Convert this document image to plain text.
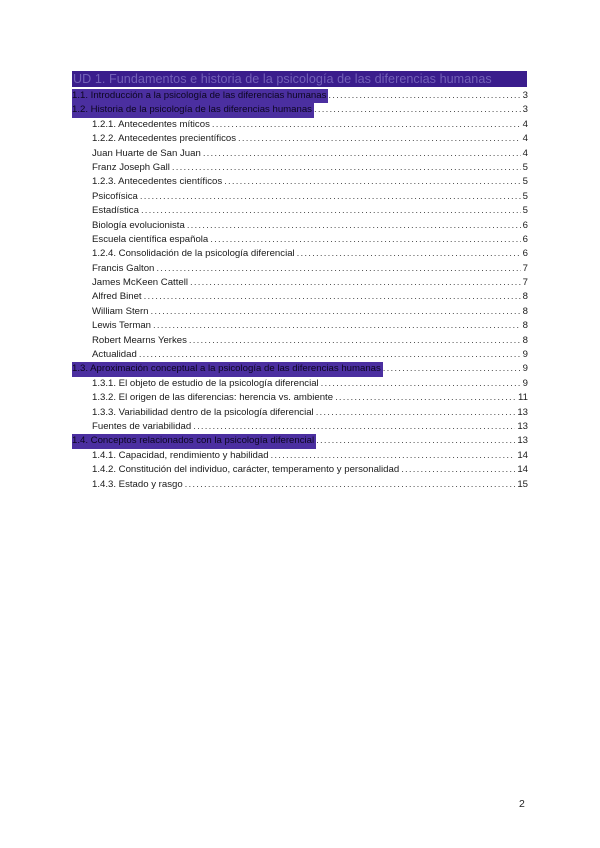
UD 1. Fundamentos e historia de la psicología de las diferencias humanas
1.1. Introducción a la psicología de las diferencias humanas .....	3
1.2. Historia de la psicología de las diferencias humanas .....	3
1.2.1. Antecedentes míticos .....	4
1.2.2. Antecedentes precientíficos .....	4
Juan Huarte de San Juan .....	4
Franz Joseph Gall .....	5
1.2.3. Antecedentes científicos .....	5
Psicofísica .....	5
Estadística .....	5
Biología evolucionista .....	6
Escuela científica española .....	6
1.2.4. Consolidación de la psicología diferencial .....	6
Francis Galton .....	7
James McKeen Cattell .....	7
Alfred Binet .....	8
William Stern .....	8
Lewis Terman .....	8
Robert Mearns Yerkes .....	8
Actualidad .....	9
1.3. Aproximación conceptual a la psicología de las diferencias humanas .....	9
1.3.1. El objeto de estudio de la psicología diferencial .....	9
1.3.2. El origen de las diferencias: herencia vs. ambiente .....	11
1.3.3. Variabilidad dentro de la psicología diferencial .....	13
Fuentes de variabilidad .....	13
1.4. Conceptos relacionados con la psicología diferencial .....	13
1.4.1. Capacidad, rendimiento y habilidad .....	14
1.4.2. Constitución del individuo, carácter, temperamento y personalidad .....	14
1.4.3. Estado y rasgo .....	15
2
